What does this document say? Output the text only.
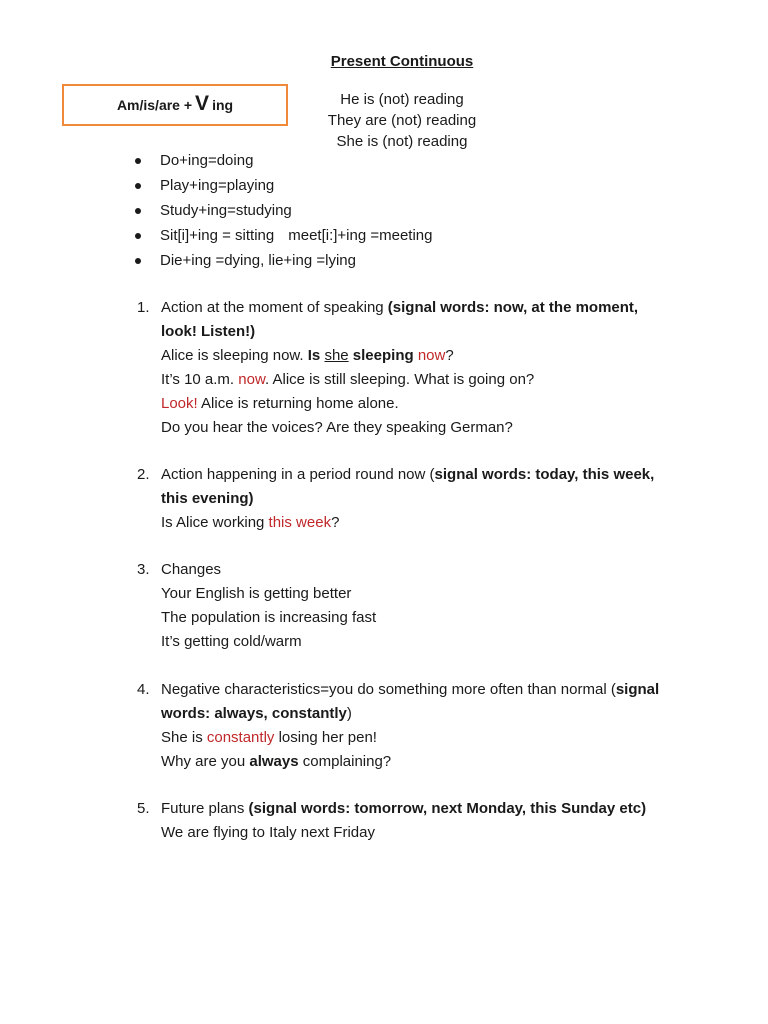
Present Continuous
Am/is/are + V ing	He is (not) reading
They are (not) reading
She is (not) reading
Do+ing=doing
Play+ing=playing
Study+ing=studying
Sit[i]+ing = sitting meet[i:]+ing =meeting
Die+ing =dying, lie+ing =lying
1. Action at the moment of speaking (signal words: now, at the moment,
look! Listen!)
Alice is sleeping now. Is she sleeping now?
It’s 10 a.m. now. Alice is still sleeping. What is going on?
Look! Alice is returning home alone.
Do you hear the voices? Are they speaking German?
2. Action happening in a period round now (signal words: today, this week,
this evening)
Is Alice working this week?
3. Changes
Your English is getting better
The population is increasing fast
It’s getting cold/warm
4. Negative characteristics=you do something more often than normal (signal
words: always, constantly)
She is constantly losing her pen!
Why are you always complaining?
5. Future plans (signal words: tomorrow, next Monday, this Sunday etc)
We are flying to Italy next Friday
